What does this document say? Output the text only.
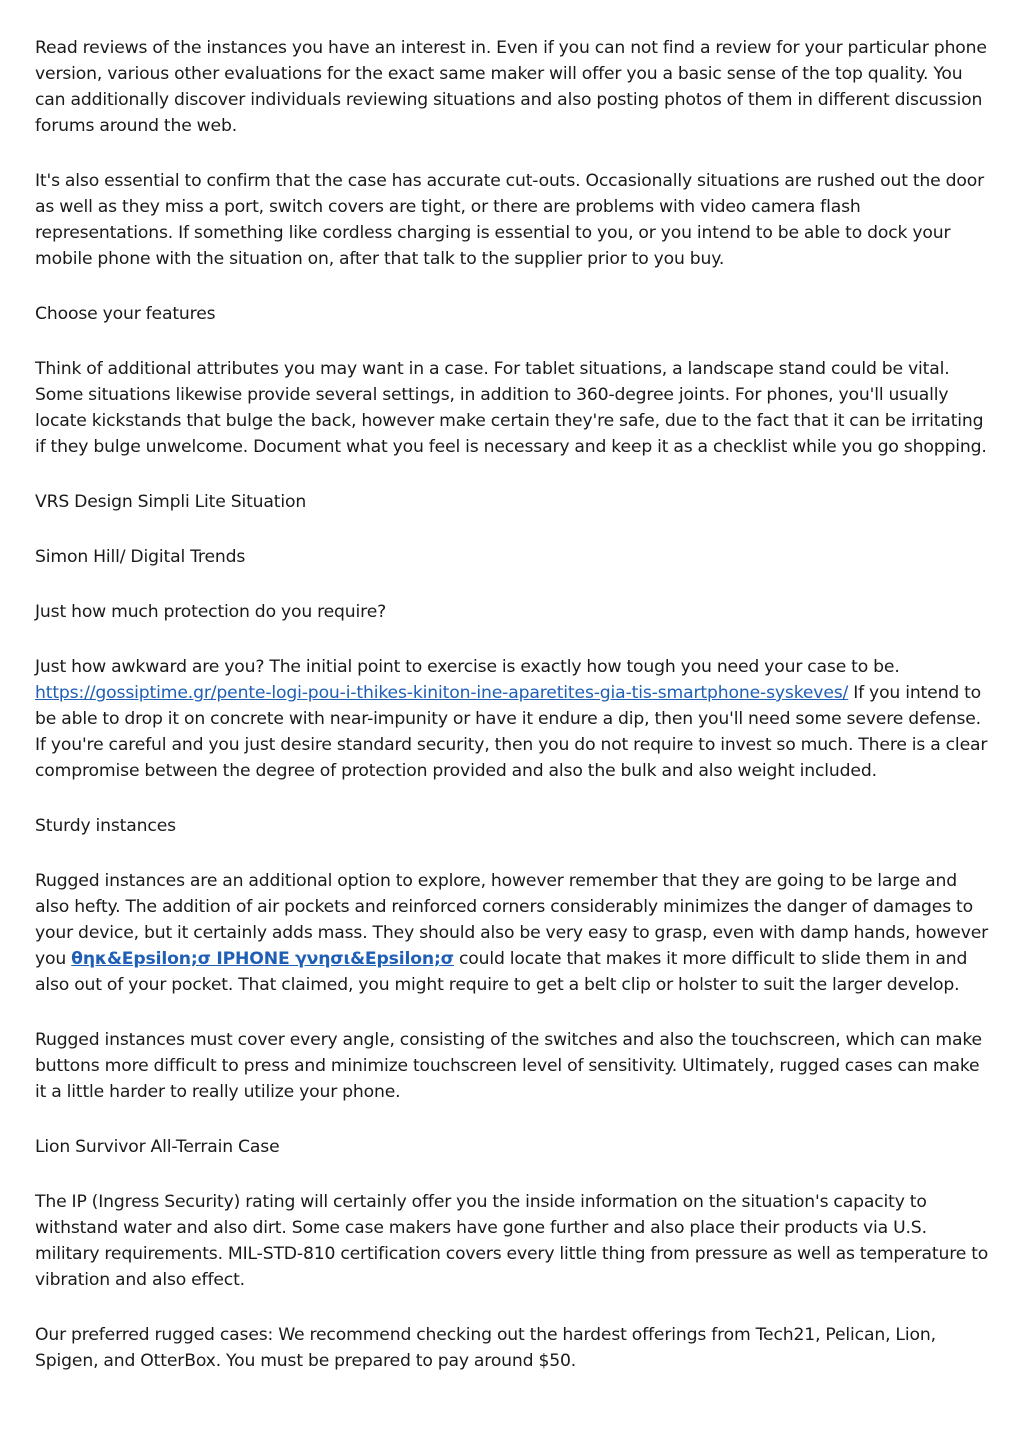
Read reviews of the instances you have an interest in. Even if you can not find a review for your particular phone version, various other evaluations for the exact same maker will offer you a basic sense of the top quality. You can additionally discover individuals reviewing situations and also posting photos of them in different discussion forums around the web.

It's also essential to confirm that the case has accurate cut-outs. Occasionally situations are rushed out the door as well as they miss a port, switch covers are tight, or there are problems with video camera flash representations. If something like cordless charging is essential to you, or you intend to be able to dock your mobile phone with the situation on, after that talk to the supplier prior to you buy.

Choose your features

Think of additional attributes you may want in a case. For tablet situations, a landscape stand could be vital. Some situations likewise provide several settings, in addition to 360-degree joints. For phones, you'll usually locate kickstands that bulge the back, however make certain they're safe, due to the fact that it can be irritating if they bulge unwelcome. Document what you feel is necessary and keep it as a checklist while you go shopping.

VRS Design Simpli Lite Situation

Simon Hill/ Digital Trends

Just how much protection do you require?

Just how awkward are you? The initial point to exercise is exactly how tough you need your case to be. https://gossiptime.gr/pente-logi-pou-i-thikes-kiniton-ine-aparetites-gia-tis-smartphone-syskeves/ If you intend to be able to drop it on concrete with near-impunity or have it endure a dip, then you'll need some severe defense. If you're careful and you just desire standard security, then you do not require to invest so much. There is a clear compromise between the degree of protection provided and also the bulk and also weight included.

Sturdy instances

Rugged instances are an additional option to explore, however remember that they are going to be large and also hefty. The addition of air pockets and reinforced corners considerably minimizes the danger of damages to your device, but it certainly adds mass. They should also be very easy to grasp, even with damp hands, however you θηκ&Epsilon;σ IPHONE γνησι&Epsilon;σ could locate that makes it more difficult to slide them in and also out of your pocket. That claimed, you might require to get a belt clip or holster to suit the larger develop.

Rugged instances must cover every angle, consisting of the switches and also the touchscreen, which can make buttons more difficult to press and minimize touchscreen level of sensitivity. Ultimately, rugged cases can make it a little harder to really utilize your phone.

Lion Survivor All-Terrain Case

The IP (Ingress Security) rating will certainly offer you the inside information on the situation's capacity to withstand water and also dirt. Some case makers have gone further and also place their products via U.S. military requirements. MIL-STD-810 certification covers every little thing from pressure as well as temperature to vibration and also effect.

Our preferred rugged cases: We recommend checking out the hardest offerings from Tech21, Pelican, Lion, Spigen, and OtterBox. You must be prepared to pay around $50.
